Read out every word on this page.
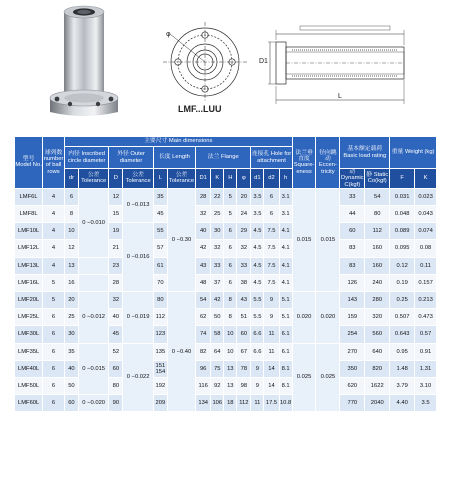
φ
LMF...LUU
D1
L
型号 Model No.	球列数 number of ball rows	主要尺寸 Main dimensions													法兰垂直度 Square-eness	径向跳动 Eccen-tricity	基本额定载荷 Basic load rating		重量 Weight (kg)	
		内径 Inscribed circle diameter		外径 Outer diameter		长度 Length		法兰 Flange				连接孔 Hole for attachment								
		dr	公差 Tolerance	D	公差 Tolerance	L	公差 Tolerance	D1	K	H	φ	d1	d2	h			动 Dynamic C(kgf)	静 Static Co(kgf)	F	K
LMF6L	4	6	0 −0.010	12	0 −0.013	35	0 −0.30	28	22	5	20	3.5	6	3.1	0.015	0.015	33	54	0.031	0.023
LMF8L	4	8		15		45		32	25	5	24	3.5	6	3.1			44	80	0.048	0.043
LMF10L	4	10		19	0 −0.016	55		40	30	6	29	4.5	7.5	4.1			60	112	0.089	0.074
LMF12L	4	12		21		57		42	32	6	32	4.5	7.5	4.1			83	160	0.095	0.08
LMF13L	4	13		23		61		43	33	6	33	4.5	7.5	4.1			83	160	0.12	0.11
LMF16L	5	16		28		70		48	37	6	38	4.5	7.5	4.1			126	240	0.19	0.157
LMF20L	5	20	0 −0.012	32	0 −0.019	80	0 −0.40	54	42	8	43	5.5	9	5.1	0.020	0.020	143	280	0.25	0.213
LMF25L	6	25		40		112		62	50	8	51	5.5	9	5.1			159	320	0.507	0.473
LMF30L	6	30		45		123		74	58	10	60	6.6	11	6.1			254	560	0.643	0.57
LMF35L	6	35	0 −0.015	52	0 −0.022	135		82	64	10	67	6.6	11	6.1	0.025	0.025	270	640	0.95	0.91
LMF40L	6	40		60		151 154		96	75	13	78	9	14	8.1			350	820	1.48	1.31
LMF50L	6	50		80		192		116	92	13	98	9	14	8.1			620	1622	3.79	3.10
LMF60L	6	60	0 −0.020	90		209		134	106	18	112	11	17.5	10.8			770	2040	4.40	3.5
